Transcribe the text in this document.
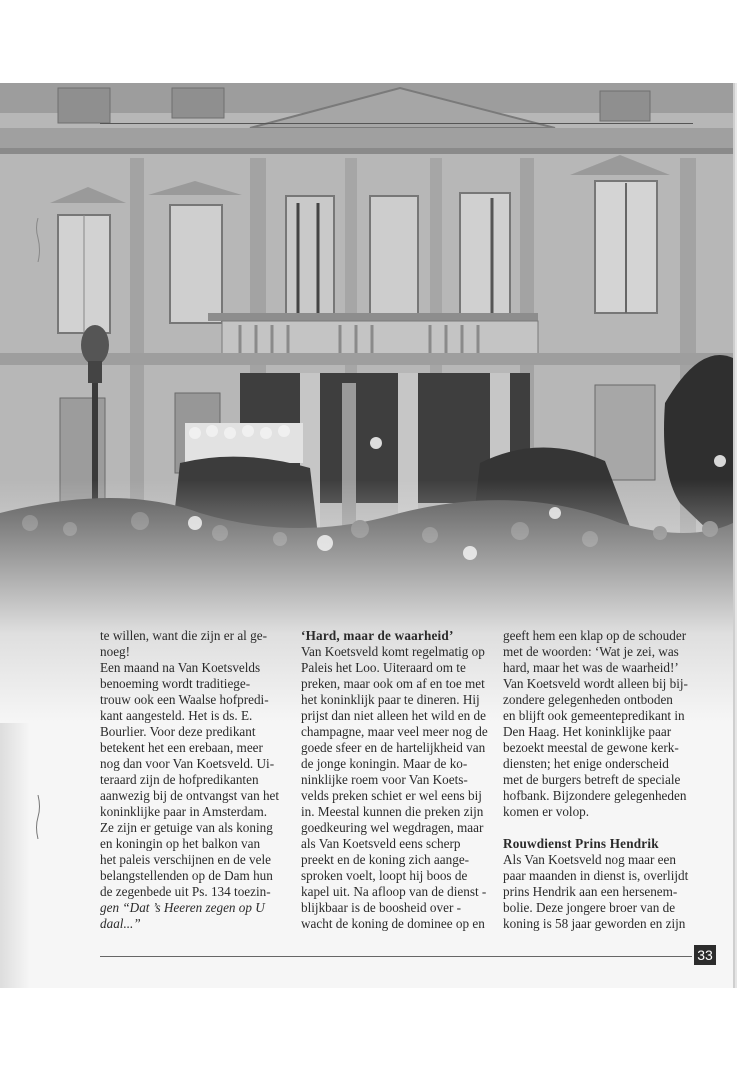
te willen, want die zijn er al ge-

noeg!

Een maand na Van Koetsvelds

benoeming wordt traditiege-

trouw ook een Waalse hofpredi-

kant aangesteld. Het is ds. E.

Bourlier. Voor deze predikant

betekent het een erebaan, meer

nog dan voor Van Koetsveld. Ui-

teraard zijn de hofpredikanten

aanwezig bij de ontvangst van het

koninklijke paar in Amsterdam.

Ze zijn er getuige van als koning

en koningin op het balkon van

het paleis verschijnen en de vele

belangstellenden op de Dam hun

de zegenbede uit Ps. 134 toezin-

gen “Dat ’s Heeren zegen op U

daal...”

‘Hard, maar de waarheid’

Van Koetsveld komt regelmatig op

Paleis het Loo. Uiteraard om te

preken, maar ook om af en toe met

het koninklijk paar te dineren. Hij

prijst dan niet alleen het wild en de

champagne, maar veel meer nog de

goede sfeer en de hartelijkheid van

de jonge koningin. Maar de ko-

ninklijke roem voor Van Koets-

velds preken schiet er wel eens bij

in. Meestal kunnen die preken zijn

goedkeuring wel wegdragen, maar

als Van Koetsveld eens scherp

preekt en de koning zich aange-

sproken voelt, loopt hij boos de

kapel uit. Na afloop van de dienst -

blijkbaar is de boosheid over -

wacht de koning de dominee op en

geeft hem een klap op de schouder

met de woorden: ‘Wat je zei, was

hard, maar het was de waarheid!’

Van Koetsveld wordt alleen bij bij-

zondere gelegenheden ontboden

en blijft ook gemeentepredikant in

Den Haag. Het koninklijke paar

bezoekt meestal de gewone kerk-

diensten; het enige onderscheid

met de burgers betreft de speciale

hofbank. Bijzondere gelegenheden

komen er volop.

Rouwdienst Prins Hendrik

Als Van Koetsveld nog maar een

paar maanden in dienst is, overlijdt

prins Hendrik aan een hersenem-

bolie. Deze jongere broer van de

koning is 58 jaar geworden en zijn

33
